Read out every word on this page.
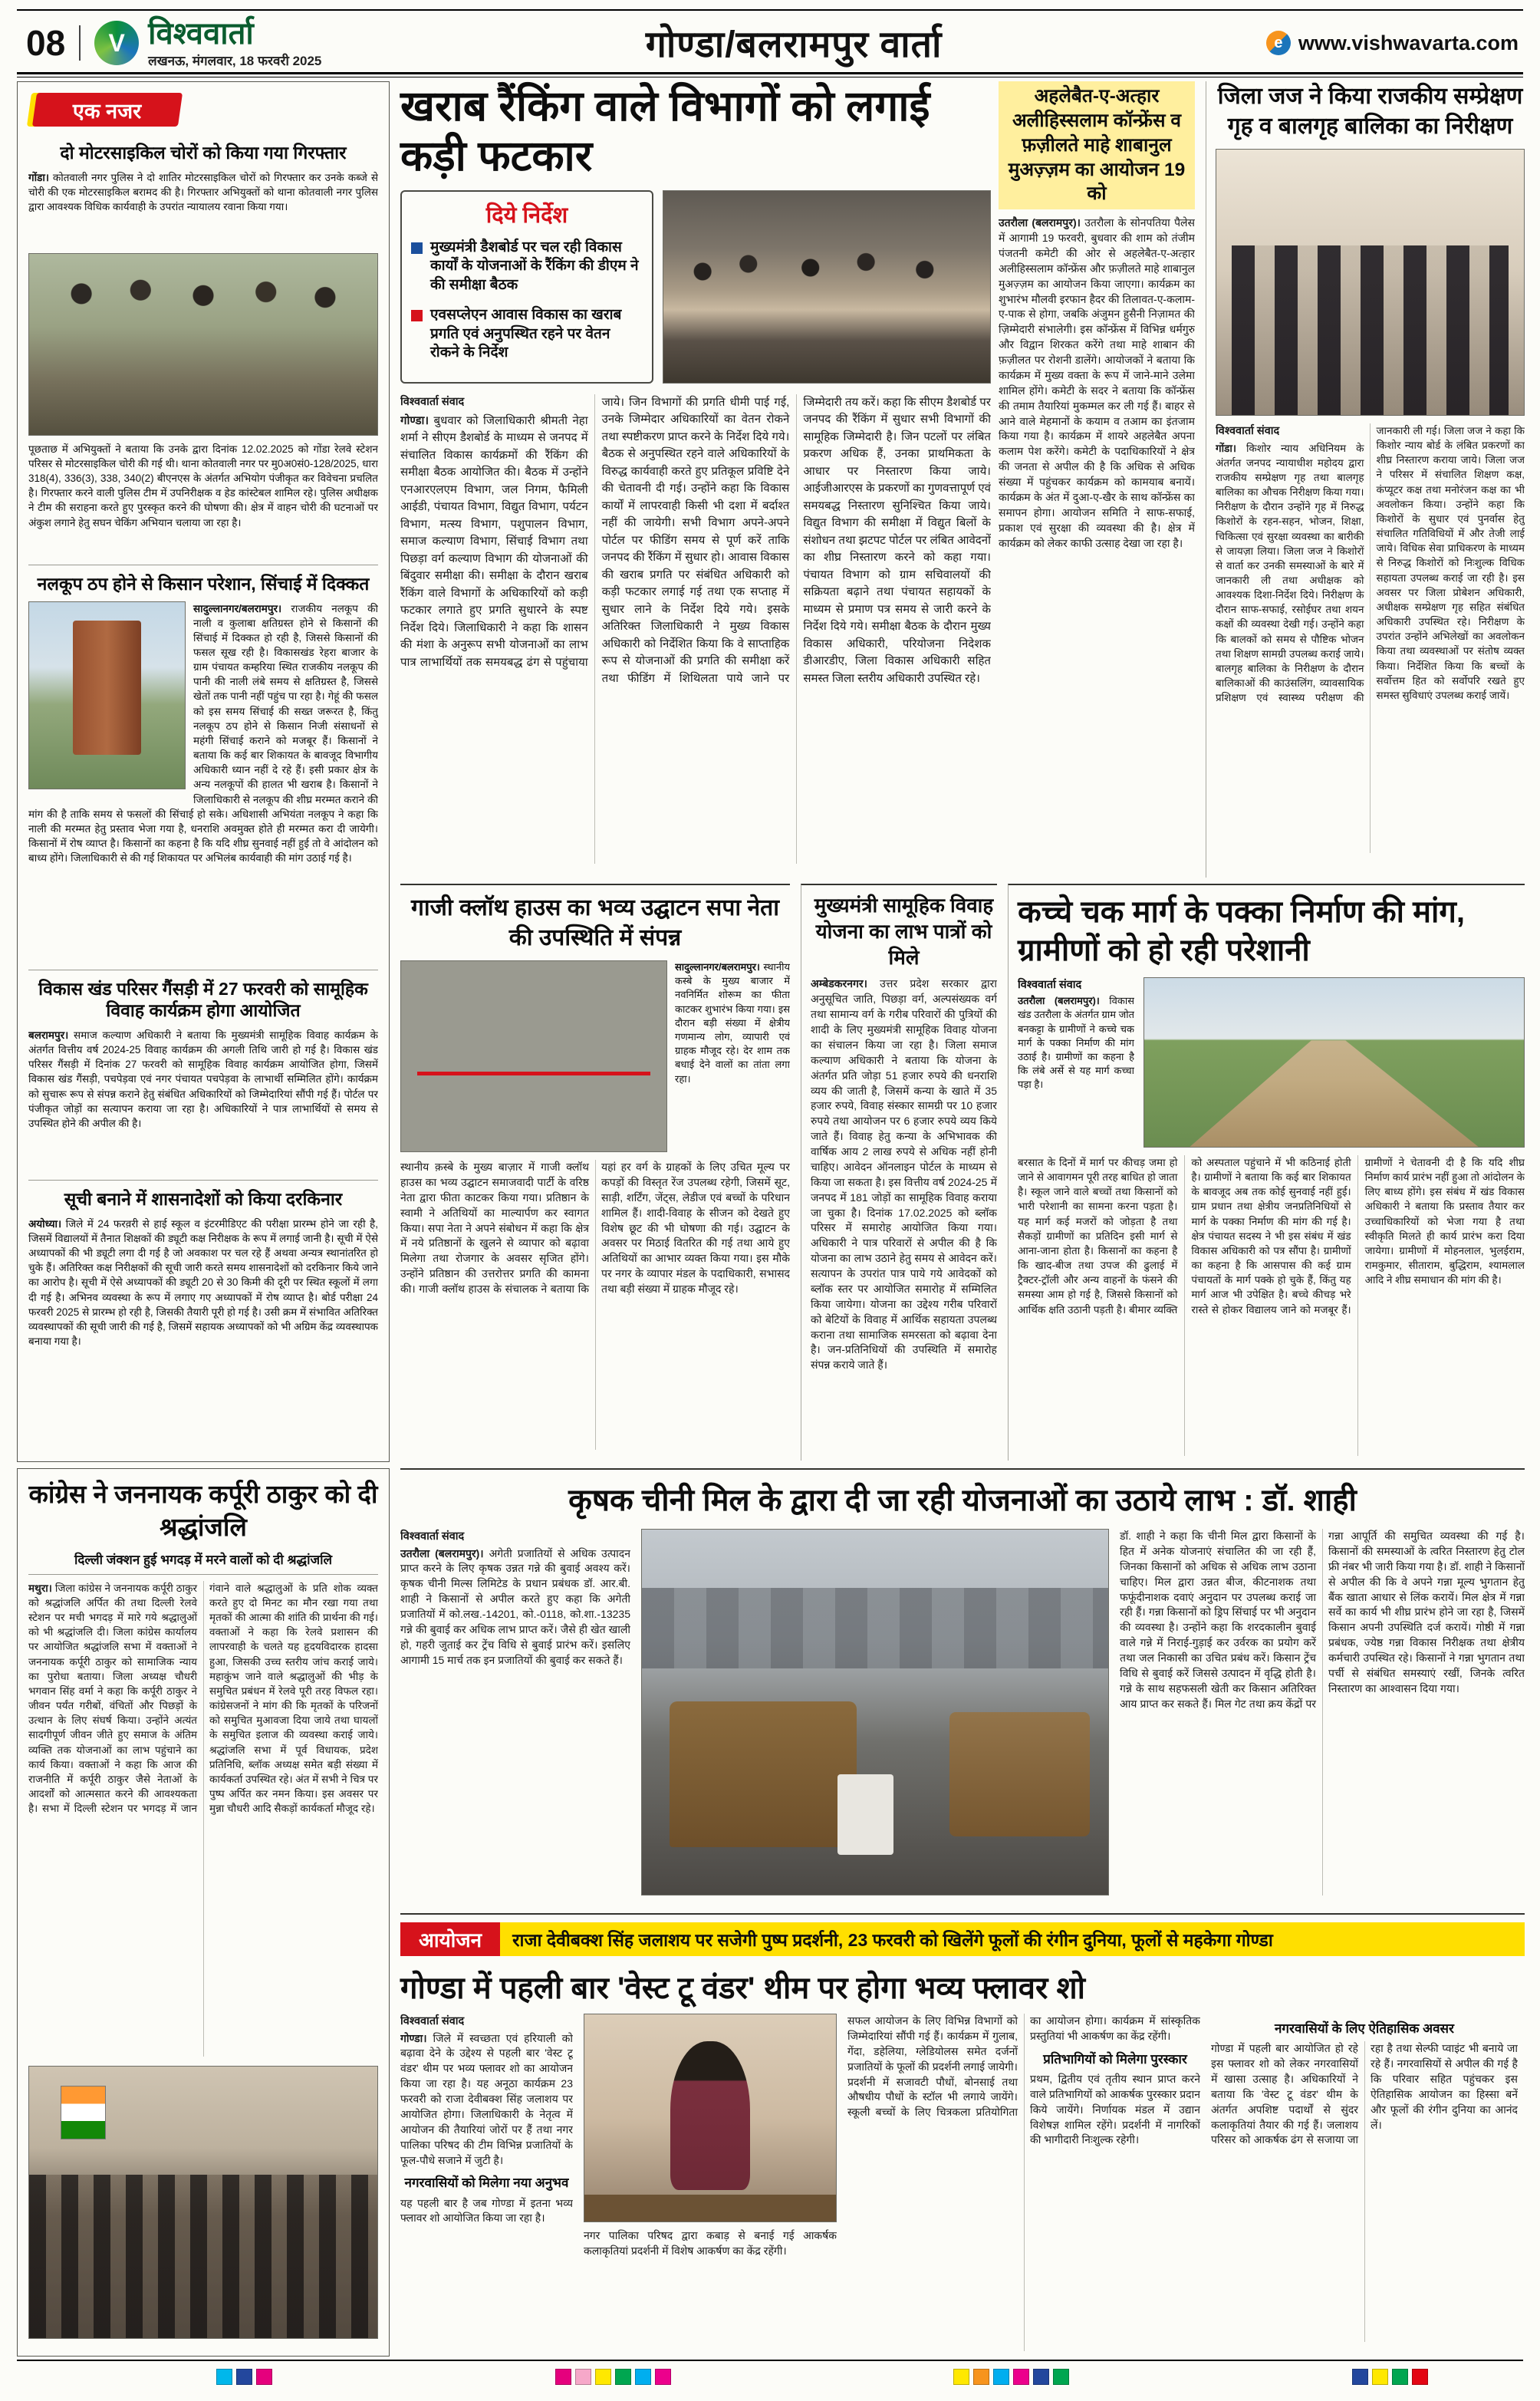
08	V विश्ववार्ता
लखनऊ, मंगलवार, 18 फरवरी 2025	गोण्डा/बलरामपुर वार्ता	e www.vishwavarta.com
एक नजर
दो मोटरसाइकिल चोरों को किया गया गिरफ्तार

गोंडा। कोतवाली नगर पुलिस ने दो शातिर मोटरसाइकिल चोरों को गिरफ्तार कर उनके कब्जे से चोरी की एक मोटरसाइकिल बरामद की है। गिरफ्तार अभियुक्तों को थाना कोतवाली नगर पुलिस द्वारा आवश्यक विधिक कार्यवाही के उपरांत न्यायालय रवाना किया गया।

पूछताछ में अभियुक्तों ने बताया कि उनके द्वारा दिनांक 12.02.2025 को गोंडा रेलवे स्टेशन परिसर से मोटरसाइकिल चोरी की गई थी। थाना कोतवाली नगर पर मु0अ0सं0-128/2025, धारा 318(4), 336(3), 338, 340(2) बीएनएस के अंतर्गत अभियोग पंजीकृत कर विवेचना प्रचलित है। गिरफ्तार करने वाली पुलिस टीम में उपनिरीक्षक व हेड कांस्टेबल शामिल रहे। पुलिस अधीक्षक ने टीम की सराहना करते हुए पुरस्कृत करने की घोषणा की। क्षेत्र में वाहन चोरी की घटनाओं पर अंकुश लगाने हेतु सघन चेकिंग अभियान चलाया जा रहा है।

नलकूप ठप होने से किसान परेशान, सिंचाई में दिक्कत

सादुल्लानगर/बलरामपुर। राजकीय नलकूप की नाली व कुलाबा क्षतिग्रस्त होने से किसानों की सिंचाई में दिक्कत हो रही है, जिससे किसानों की फसल सूख रही है। विकासखंड रेहरा बाजार के ग्राम पंचायत कम्हरिया स्थित राजकीय नलकूप की पानी की नाली लंबे समय से क्षतिग्रस्त है, जिससे खेतों तक पानी नहीं पहुंच पा रहा है। गेहूं की फसल को इस समय सिंचाई की सख्त जरूरत है, किंतु नलकूप ठप होने से किसान निजी संसाधनों से महंगी सिंचाई कराने को मजबूर हैं। किसानों ने बताया कि कई बार शिकायत के बावजूद विभागीय अधिकारी ध्यान नहीं दे रहे हैं। इसी प्रकार क्षेत्र के अन्य नलकूपों की हालत भी खराब है। किसानों ने जिलाधिकारी से नलकूप की शीघ्र मरम्मत कराने की मांग की है ताकि समय से फसलों की सिंचाई हो सके। अधिशासी अभियंता नलकूप ने कहा कि नाली की मरम्मत हेतु प्रस्ताव भेजा गया है, धनराशि अवमुक्त होते ही मरम्मत करा दी जायेगी। किसानों में रोष व्याप्त है। किसानों का कहना है कि यदि शीघ्र सुनवाई नहीं हुई तो वे आंदोलन को बाध्य होंगे। जिलाधिकारी से की गई शिकायत पर अभिलंब कार्यवाही की मांग उठाई गई है।

विकास खंड परिसर गैंसड़ी में 27 फरवरी को सामूहिक विवाह कार्यक्रम होगा आयोजित

बलरामपुर। समाज कल्याण अधिकारी ने बताया कि मुख्यमंत्री सामूहिक विवाह कार्यक्रम के अंतर्गत वित्तीय वर्ष 2024-25 विवाह कार्यक्रम की अगली तिथि जारी हो गई है। विकास खंड परिसर गैंसड़ी में दिनांक 27 फरवरी को सामूहिक विवाह कार्यक्रम आयोजित होगा, जिसमें विकास खंड गैंसड़ी, पचपेड़वा एवं नगर पंचायत पचपेड़वा के लाभार्थी सम्मिलित होंगे। कार्यक्रम को सुचारू रूप से संपन्न कराने हेतु संबंधित अधिकारियों को जिम्मेदारियां सौंपी गई हैं। पोर्टल पर पंजीकृत जोड़ों का सत्यापन कराया जा रहा है। अधिकारियों ने पात्र लाभार्थियों से समय से उपस्थित होने की अपील की है।

सूची बनाने में शासनादेशों को किया दरकिनार

अयोध्या। जिले में 24 फरव़री से हाई स्कूल व इंटरमीडिएट की परीक्षा प्रारम्भ होने जा रही है, जिसमें विद्यालयों में तैनात शिक्षकों की ड्यूटी कक्ष निरीक्षक के रूप में लगाई जानी है। सूची में ऐसे अध्यापकों की भी ड्यूटी लगा दी गई है जो अवकाश पर चल रहे हैं अथवा अन्यत्र स्थानांतरित हो चुके हैं। अतिरिक्त कक्ष निरीक्षकों की सूची जारी करते समय शासनादेशों को दरकिनार किये जाने का आरोप है। सूची में ऐसे अध्यापकों की ड्यूटी 20 से 30 किमी की दूरी पर स्थित स्कूलों में लगा दी गई है। अभिनव व्यवस्था के रूप में लगाए गए अध्यापकों में रोष व्याप्त है। बोर्ड परीक्षा 24 फरवरी 2025 से प्रारम्भ हो रही है, जिसकी तैयारी पूरी हो गई है। उसी क्रम में संभावित अतिरिक्त व्यवस्थापकों की सूची जारी की गई है, जिसमें सहायक अध्यापकों को भी अग्रिम केंद्र व्यवस्थापक बनाया गया है।

खराब रैंकिंग वाले विभागों को लगाई कड़ी फटकार
दिये निर्देश
मुख्यमंत्री डैशबोर्ड पर चल रही विकास कार्यों के योजनाओं के रैंकिंग की डीएम ने की समीक्षा बैठक
एवसप्लेएन आवास विकास का खराब प्रगति एवं अनुपस्थित रहने पर वेतन रोकने के निर्देश
विश्ववार्ता संवाद

गोण्डा। बुधवार को जिलाधिकारी श्रीमती नेहा शर्मा ने सीएम डैशबोर्ड के माध्यम से जनपद में संचालित विकास कार्यक्रमों की रैंकिंग की समीक्षा बैठक आयोजित की। बैठक में उन्होंने एनआरएलएम विभाग, जल निगम, फैमिली आईडी, पंचायत विभाग, विद्युत विभाग, पर्यटन विभाग, मत्स्य विभाग, पशुपालन विभाग, समाज कल्याण विभाग, सिंचाई विभाग तथा पिछड़ा वर्ग कल्याण विभाग की योजनाओं की बिंदुवार समीक्षा की। समीक्षा के दौरान खराब रैंकिंग वाले विभागों के अधिकारियों को कड़ी फटकार लगाते हुए प्रगति सुधारने के स्पष्ट निर्देश दिये। जिलाधिकारी ने कहा कि शासन की मंशा के अनुरूप सभी योजनाओं का लाभ पात्र लाभार्थियों तक समयबद्ध ढंग से पहुंचाया जाये। जिन विभागों की प्रगति धीमी पाई गई, उनके जिम्मेदार अधिकारियों का वेतन रोकने तथा स्पष्टीकरण प्राप्त करने के निर्देश दिये गये। बैठक से अनुपस्थित रहने वाले अधिकारियों के विरुद्ध कार्यवाही करते हुए प्रतिकूल प्रविष्टि देने की चेतावनी दी गई। उन्होंने कहा कि विकास कार्यों में लापरवाही किसी भी दशा में बर्दाश्त नहीं की जायेगी। सभी विभाग अपने-अपने पोर्टल पर फीडिंग समय से पूर्ण करें ताकि जनपद की रैंकिंग में सुधार हो। आवास विकास की खराब प्रगति पर संबंधित अधिकारी को कड़ी फटकार लगाई गई तथा एक सप्ताह में सुधार लाने के निर्देश दिये गये। इसके अतिरिक्त जिलाधिकारी ने मुख्य विकास अधिकारी को निर्देशित किया कि वे साप्ताहिक रूप से योजनाओं की प्रगति की समीक्षा करें तथा फीडिंग में शिथिलता पाये जाने पर जिम्मेदारी तय करें। कहा कि सीएम डैशबोर्ड पर जनपद की रैंकिंग में सुधार सभी विभागों की सामूहिक जिम्मेदारी है। जिन पटलों पर लंबित प्रकरण अधिक हैं, उनका प्राथमिकता के आधार पर निस्तारण किया जाये। आईजीआरएस के प्रकरणों का गुणवत्तापूर्ण एवं समयबद्ध निस्तारण सुनिश्चित किया जाये। विद्युत विभाग की समीक्षा में विद्युत बिलों के संशोधन तथा झटपट पोर्टल पर लंबित आवेदनों का शीघ्र निस्तारण करने को कहा गया। पंचायत विभाग को ग्राम सचिवालयों की सक्रियता बढ़ाने तथा पंचायत सहायकों के माध्यम से प्रमाण पत्र समय से जारी करने के निर्देश दिये गये। समीक्षा बैठक के दौरान मुख्य विकास अधिकारी, परियोजना निदेशक डीआरडीए, जिला विकास अधिकारी सहित समस्त जिला स्तरीय अधिकारी उपस्थित रहे।

अहलेबैत-ए-अत्हार अलीहिस्सलाम कॉन्फ्रेंस व फ़ज़ीलते माहे शाबानुल मुअज़्ज़म का आयोजन 19 को

उतरौला (बलरामपुर)। उतरौला के सोनपतिया पैलेस में आगामी 19 फरवरी, बुधवार की शाम को तंजीम पंजतनी कमेटी की ओर से अहलेबैत-ए-अत्हार अलीहिस्सलाम कॉन्फ्रेंस और फ़ज़ीलते माहे शाबानुल मुअज़्ज़म का आयोजन किया जाएगा। कार्यक्रम का शुभारंभ मौलवी इरफान हैदर की तिलावत-ए-कलाम-ए-पाक से होगा, जबकि अंजुमन हुसैनी निज़ामत की ज़िम्मेदारी संभालेगी। इस कॉन्फ्रेंस में विभिन्न धर्मगुरु और विद्वान शिरकत करेंगे तथा माहे शाबान की फ़ज़ीलत पर रोशनी डालेंगे। आयोजकों ने बताया कि कार्यक्रम में मुख्य वक्ता के रूप में जाने-माने उलेमा शामिल होंगे। कमेटी के सदर ने बताया कि कॉन्फ्रेंस की तमाम तैयारियां मुकम्मल कर ली गई हैं। बाहर से आने वाले मेहमानों के कयाम व तआम का इंतजाम किया गया है। कार्यक्रम में शायरे अहलेबैत अपना कलाम पेश करेंगे। कमेटी के पदाधिकारियों ने क्षेत्र की जनता से अपील की है कि अधिक से अधिक संख्या में पहुंचकर कार्यक्रम को कामयाब बनायें। कार्यक्रम के अंत में दुआ-ए-खैर के साथ कॉन्फ्रेंस का समापन होगा। आयोजन समिति ने साफ-सफाई, प्रकाश एवं सुरक्षा की व्यवस्था की है। क्षेत्र में कार्यक्रम को लेकर काफी उत्साह देखा जा रहा है।

जिला जज ने किया राजकीय सम्प्रेक्षण गृह व बालगृह बालिका का निरीक्षण
विश्ववार्ता संवाद

गोंडा। किशोर न्याय अधिनियम के अंतर्गत जनपद न्यायाधीश महोदय द्वारा राजकीय सम्प्रेक्षण गृह तथा बालगृह बालिका का औचक निरीक्षण किया गया। निरीक्षण के दौरान उन्होंने गृह में निरुद्ध किशोरों के रहन-सहन, भोजन, शिक्षा, चिकित्सा एवं सुरक्षा व्यवस्था का बारीकी से जायज़ा लिया। जिला जज ने किशोरों से वार्ता कर उनकी समस्याओं के बारे में जानकारी ली तथा अधीक्षक को आवश्यक दिशा-निर्देश दिये। निरीक्षण के दौरान साफ-सफाई, रसोईघर तथा शयन कक्षों की व्यवस्था देखी गई। उन्होंने कहा कि बालकों को समय से पौष्टिक भोजन तथा शिक्षण सामग्री उपलब्ध कराई जाये। बालगृह बालिका के निरीक्षण के दौरान बालिकाओं की काउंसलिंग, व्यावसायिक प्रशिक्षण एवं स्वास्थ्य परीक्षण की जानकारी ली गई। जिला जज ने कहा कि किशोर न्याय बोर्ड के लंबित प्रकरणों का शीघ्र निस्तारण कराया जाये। जिला जज ने परिसर में संचालित शिक्षण कक्ष, कंप्यूटर कक्ष तथा मनोरंजन कक्ष का भी अवलोकन किया। उन्होंने कहा कि किशोरों के सुधार एवं पुनर्वास हेतु संचालित गतिविधियों में और तेजी लाई जाये। विधिक सेवा प्राधिकरण के माध्यम से निरुद्ध किशोरों को निःशुल्क विधिक सहायता उपलब्ध कराई जा रही है। इस अवसर पर जिला प्रोबेशन अधिकारी, अधीक्षक सम्प्रेक्षण गृह सहित संबंधित अधिकारी उपस्थित रहे। निरीक्षण के उपरांत उन्होंने अभिलेखों का अवलोकन किया तथा व्यवस्थाओं पर संतोष व्यक्त किया। निर्देशित किया कि बच्चों के सर्वोत्तम हित को सर्वोपरि रखते हुए समस्त सुविधाएं उपलब्ध कराई जायें।

गाजी क्लॉथ हाउस का भव्य उद्घाटन सपा नेता की उपस्थिति में संपन्न
सादुल्लानगर/बलरामपुर। स्थानीय कस्बे के मुख्य बाजार में नवनिर्मित शोरूम का फीता काटकर शुभारंभ किया गया। इस दौरान बड़ी संख्या में क्षेत्रीय गणमान्य लोग, व्यापारी एवं ग्राहक मौजूद रहे। देर शाम तक बधाई देने वालों का तांता लगा रहा।
स्थानीय क़स्बे के मुख्य बाज़ार में गाजी क्लॉथ हाउस का भव्य उद्घाटन समाजवादी पार्टी के वरिष्ठ नेता द्वारा फीता काटकर किया गया। प्रतिष्ठान के स्वामी ने अतिथियों का माल्यार्पण कर स्वागत किया। सपा नेता ने अपने संबोधन में कहा कि क्षेत्र में नये प्रतिष्ठानों के खुलने से व्यापार को बढ़ावा मिलेगा तथा रोजगार के अवसर सृजित होंगे। उन्होंने प्रतिष्ठान की उत्तरोत्तर प्रगति की कामना की। गाजी क्लॉथ हाउस के संचालक ने बताया कि यहां हर वर्ग के ग्राहकों के लिए उचित मूल्य पर कपड़ों की विस्तृत रेंज उपलब्ध रहेगी, जिसमें सूट, साड़ी, शर्टिंग, जेंट्स, लेडीज एवं बच्चों के परिधान शामिल हैं। शादी-विवाह के सीजन को देखते हुए विशेष छूट की भी घोषणा की गई। उद्घाटन के अवसर पर मिठाई वितरित की गई तथा आये हुए अतिथियों का आभार व्यक्त किया गया। इस मौके पर नगर के व्यापार मंडल के पदाधिकारी, सभासद तथा बड़ी संख्या में ग्राहक मौजूद रहे।
मुख्यमंत्री सामूहिक विवाह योजना का लाभ पात्रों को मिले

अम्बेडकरनगर। उत्तर प्रदेश सरकार द्वारा अनुसूचित जाति, पिछड़ा वर्ग, अल्पसंख्यक वर्ग तथा सामान्य वर्ग के गरीब परिवारों की पुत्रियों की शादी के लिए मुख्यमंत्री सामूहिक विवाह योजना का संचालन किया जा रहा है। जिला समाज कल्याण अधिकारी ने बताया कि योजना के अंतर्गत प्रति जोड़ा 51 हजार रुपये की धनराशि व्यय की जाती है, जिसमें कन्या के खाते में 35 हजार रुपये, विवाह संस्कार सामग्री पर 10 हजार रुपये तथा आयोजन पर 6 हजार रुपये व्यय किये जाते हैं। विवाह हेतु कन्या के अभिभावक की वार्षिक आय 2 लाख रुपये से अधिक नहीं होनी चाहिए। आवेदन ऑनलाइन पोर्टल के माध्यम से किया जा सकता है। इस वित्तीय वर्ष 2024-25 में जनपद में 181 जोड़ों का सामूहिक विवाह कराया जा चुका है। दिनांक 17.02.2025 को ब्लॉक परिसर में समारोह आयोजित किया गया। अधिकारी ने पात्र परिवारों से अपील की है कि योजना का लाभ उठाने हेतु समय से आवेदन करें। सत्यापन के उपरांत पात्र पाये गये आवेदकों को ब्लॉक स्तर पर आयोजित समारोह में सम्मिलित किया जायेगा। योजना का उद्देश्य गरीब परिवारों को बेटियों के विवाह में आर्थिक सहायता उपलब्ध कराना तथा सामाजिक समरसता को बढ़ावा देना है। जन-प्रतिनिधियों की उपस्थिति में समारोह संपन्न कराये जाते हैं।

कच्चे चक मार्ग के पक्का निर्माण की मांग, ग्रामीणों को हो रही परेशानी
विश्ववार्ता संवाद
उतरौला (बलरामपुर)। विकास खंड उतरौला के अंतर्गत ग्राम जोत बनकट्टा के ग्रामीणों ने कच्चे चक मार्ग के पक्का निर्माण की मांग उठाई है। ग्रामीणों का कहना है कि लंबे अर्से से यह मार्ग कच्चा पड़ा है।
बरसात के दिनों में मार्ग पर कीचड़ जमा हो जाने से आवागमन पूरी तरह बाधित हो जाता है। स्कूल जाने वाले बच्चों तथा किसानों को भारी परेशानी का सामना करना पड़ता है। यह मार्ग कई मजरों को जोड़ता है तथा सैकड़ों ग्रामीणों का प्रतिदिन इसी मार्ग से आना-जाना होता है। किसानों का कहना है कि खाद-बीज तथा उपज की ढुलाई में ट्रैक्टर-ट्रॉली और अन्य वाहनों के फंसने की समस्या आम हो गई है, जिससे किसानों को आर्थिक क्षति उठानी पड़ती है। बीमार व्यक्ति को अस्पताल पहुंचाने में भी कठिनाई होती है। ग्रामीणों ने बताया कि कई बार शिकायत के बावजूद अब तक कोई सुनवाई नहीं हुई। ग्राम प्रधान तथा क्षेत्रीय जनप्रतिनिधियों से मार्ग के पक्का निर्माण की मांग की गई है। क्षेत्र पंचायत सदस्य ने भी इस संबंध में खंड विकास अधिकारी को पत्र सौंपा है। ग्रामीणों का कहना है कि आसपास की कई ग्राम पंचायतों के मार्ग पक्के हो चुके हैं, किंतु यह मार्ग आज भी उपेक्षित है। बच्चे कीचड़ भरे रास्ते से होकर विद्यालय जाने को मजबूर हैं। ग्रामीणों ने चेतावनी दी है कि यदि शीघ्र निर्माण कार्य प्रारंभ नहीं हुआ तो आंदोलन के लिए बाध्य होंगे। इस संबंध में खंड विकास अधिकारी ने बताया कि प्रस्ताव तैयार कर उच्चाधिकारियों को भेजा गया है तथा स्वीकृति मिलते ही कार्य प्रारंभ करा दिया जायेगा। ग्रामीणों में मोहनलाल, भुलईराम, रामकुमार, सीताराम, बुद्धिराम, श्यामलाल आदि ने शीघ्र समाधान की मांग की है।
कांग्रेस ने जननायक कर्पूरी ठाकुर को दी श्रद्धांजलि
दिल्ली जंक्शन हुई भगदड़ में मरने वालों को दी श्रद्धांजलि

मथुरा। जिला कांग्रेस ने जननायक कर्पूरी ठाकुर को श्रद्धांजलि अर्पित की तथा दिल्ली रेलवे स्टेशन पर मची भगदड़ में मारे गये श्रद्धालुओं को भी श्रद्धांजलि दी। जिला कांग्रेस कार्यालय पर आयोजित श्रद्धांजलि सभा में वक्ताओं ने जननायक कर्पूरी ठाकुर को सामाजिक न्याय का पुरोधा बताया। जिला अध्यक्ष चौधरी भगवान सिंह वर्मा ने कहा कि कर्पूरी ठाकुर ने जीवन पर्यंत गरीबों, वंचितों और पिछड़ों के उत्थान के लिए संघर्ष किया। उन्होंने अत्यंत सादगीपूर्ण जीवन जीते हुए समाज के अंतिम व्यक्ति तक योजनाओं का लाभ पहुंचाने का कार्य किया। वक्ताओं ने कहा कि आज की राजनीति में कर्पूरी ठाकुर जैसे नेताओं के आदर्शों को आत्मसात करने की आवश्यकता है। सभा में दिल्ली स्टेशन पर भगदड़ में जान गंवाने वाले श्रद्धालुओं के प्रति शोक व्यक्त करते हुए दो मिनट का मौन रखा गया तथा मृतकों की आत्मा की शांति की प्रार्थना की गई। वक्ताओं ने कहा कि रेलवे प्रशासन की लापरवाही के चलते यह हृदयविदारक हादसा हुआ, जिसकी उच्च स्तरीय जांच कराई जाये। महाकुंभ जाने वाले श्रद्धालुओं की भीड़ के समुचित प्रबंधन में रेलवे पूरी तरह विफल रहा। कांग्रेसजनों ने मांग की कि मृतकों के परिजनों को समुचित मुआवजा दिया जाये तथा घायलों के समुचित इलाज की व्यवस्था कराई जाये। श्रद्धांजलि सभा में पूर्व विधायक, प्रदेश प्रतिनिधि, ब्लॉक अध्यक्ष समेत बड़ी संख्या में कार्यकर्ता उपस्थित रहे। अंत में सभी ने चित्र पर पुष्प अर्पित कर नमन किया। इस अवसर पर मुन्ना चौधरी आदि सैकड़ों कार्यकर्ता मौजूद रहे।

कृषक चीनी मिल के द्वारा दी जा रही योजनाओं का उठाये लाभ : डॉ. शाही
विश्ववार्ता संवाद

उतरौला (बलरामपुर)। अगेती प्रजातियों से अधिक उत्पादन प्राप्त करने के लिए कृषक उन्नत गन्ने की बुवाई अवश्य करें। कृषक चीनी मिल्स लिमिटेड के प्रधान प्रबंधक डॉ. आर.बी. शाही ने किसानों से अपील करते हुए कहा कि अगेती प्रजातियों में को.लख.-14201, को.-0118, को.शा.-13235 गन्ने की बुवाई कर अधिक लाभ प्राप्त करें। जैसे ही खेत खाली हो, गहरी जुताई कर ट्रेंच विधि से बुवाई प्रारंभ करें। इसलिए आगामी 15 मार्च तक इन प्रजातियों की बुवाई कर सकते हैं।

डॉ. शाही ने कहा कि चीनी मिल द्वारा किसानों के हित में अनेक योजनाएं संचालित की जा रही हैं, जिनका किसानों को अधिक से अधिक लाभ उठाना चाहिए। मिल द्वारा उन्नत बीज, कीटनाशक तथा फफूंदीनाशक दवाएं अनुदान पर उपलब्ध कराई जा रही हैं। गन्ना किसानों को ड्रिप सिंचाई पर भी अनुदान की व्यवस्था है। उन्होंने कहा कि शरदकालीन बुवाई वाले गन्ने में निराई-गुड़ाई कर उर्वरक का प्रयोग करें तथा जल निकासी का उचित प्रबंध करें। किसान ट्रेंच विधि से बुवाई करें जिससे उत्पादन में वृद्धि होती है। गन्ने के साथ सहफसली खेती कर किसान अतिरिक्त आय प्राप्त कर सकते हैं। मिल गेट तथा क्रय केंद्रों पर गन्ना आपूर्ति की समुचित व्यवस्था की गई है। किसानों की समस्याओं के त्वरित निस्तारण हेतु टोल फ्री नंबर भी जारी किया गया है। डॉ. शाही ने किसानों से अपील की कि वे अपने गन्ना मूल्य भुगतान हेतु बैंक खाता आधार से लिंक करायें। मिल क्षेत्र में गन्ना सर्वे का कार्य भी शीघ्र प्रारंभ होने जा रहा है, जिसमें किसान अपनी उपस्थिति दर्ज करायें। गोष्ठी में गन्ना प्रबंधक, ज्येष्ठ गन्ना विकास निरीक्षक तथा क्षेत्रीय कर्मचारी उपस्थित रहे। किसानों ने गन्ना भुगतान तथा पर्ची से संबंधित समस्याएं रखीं, जिनके त्वरित निस्तारण का आश्वासन दिया गया।
आयोजन	राजा देवीबक्श सिंह जलाशय पर सजेगी पुष्प प्रदर्शनी, 23 फरवरी को खिलेंगे फूलों की रंगीन दुनिया, फूलों से महकेगा गोण्डा
गोण्डा में पहली बार 'वेस्ट टू वंडर' थीम पर होगा भव्य फ्लावर शो
विश्ववार्ता संवाद

गोण्डा। जिले में स्वच्छता एवं हरियाली को बढ़ावा देने के उद्देश्य से पहली बार 'वेस्ट टू वंडर' थीम पर भव्य फ्लावर शो का आयोजन किया जा रहा है। यह अनूठा कार्यक्रम 23 फरवरी को राजा देवीबक्श सिंह जलाशय पर आयोजित होगा। जिलाधिकारी के नेतृत्व में आयोजन की तैयारियां जोरों पर हैं तथा नगर पालिका परिषद की टीम विभिन्न प्रजातियों के फूल-पौधे सजाने में जुटी है।

नगरवासियों को मिलेगा नया अनुभव

यह पहली बार है जब गोण्डा में इतना भव्य फ्लावर शो आयोजित किया जा रहा है।

नगर पालिका परिषद द्वारा कबाड़ से बनाई गई आकर्षक कलाकृतियां प्रदर्शनी में विशेष आकर्षण का केंद्र रहेंगी।

सफल आयोजन के लिए विभिन्न विभागों को जिम्मेदारियां सौंपी गई हैं। कार्यक्रम में गुलाब, गेंदा, डहेलिया, ग्लेडियोलस समेत दर्जनों प्रजातियों के फूलों की प्रदर्शनी लगाई जायेगी। प्रदर्शनी में सजावटी पौधों, बोनसाई तथा औषधीय पौधों के स्टॉल भी लगाये जायेंगे। स्कूली बच्चों के लिए चित्रकला प्रतियोगिता का आयोजन होगा। कार्यक्रम में सांस्कृतिक प्रस्तुतियां भी आकर्षण का केंद्र रहेंगी।

प्रतिभागियों को मिलेगा पुरस्कार

प्रथम, द्वितीय एवं तृतीय स्थान प्राप्त करने वाले प्रतिभागियों को आकर्षक पुरस्कार प्रदान किये जायेंगे। निर्णायक मंडल में उद्यान विशेषज्ञ शामिल रहेंगे। प्रदर्शनी में नागरिकों की भागीदारी निःशुल्क रहेगी।

नगरवासियों के लिए ऐतिहासिक अवसर
गोण्डा में पहली बार आयोजित हो रहे इस फ्लावर शो को लेकर नगरवासियों में खासा उत्साह है। अधिकारियों ने बताया कि 'वेस्ट टू वंडर' थीम के अंतर्गत अपशिष्ट पदार्थों से सुंदर कलाकृतियां तैयार की गई हैं। जलाशय परिसर को आकर्षक ढंग से सजाया जा रहा है तथा सेल्फी प्वाइंट भी बनाये जा रहे हैं। नगरवासियों से अपील की गई है कि परिवार सहित पहुंचकर इस ऐतिहासिक आयोजन का हिस्सा बनें और फूलों की रंगीन दुनिया का आनंद लें।
